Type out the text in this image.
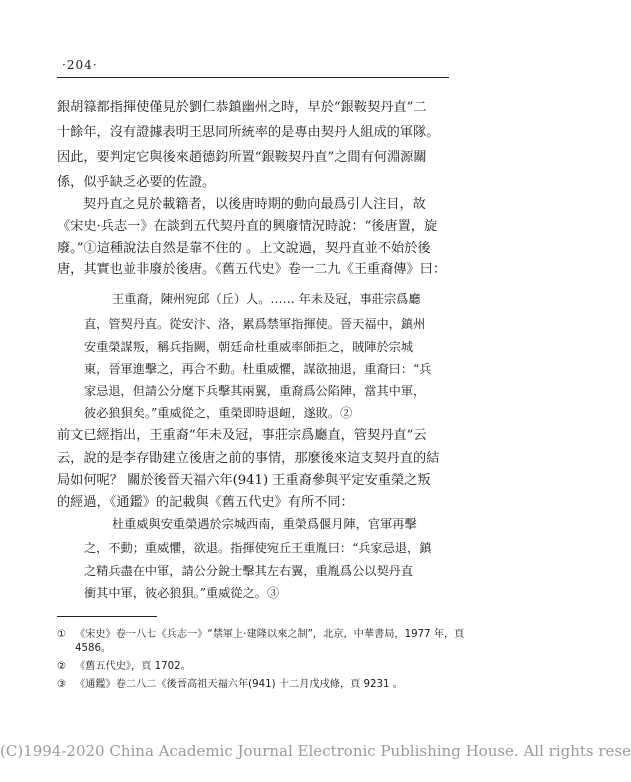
·204·
銀胡簶都指揮使僅見於劉仁恭鎮幽州之時，早於“銀鞍契丹直”二
十餘年，沒有證據表明王思同所統率的是專由契丹人組成的軍隊。
因此，要判定它與後來趙德鈞所置“銀鞍契丹直”之間有何淵源關
係，似乎缺乏必要的佐證。
契丹直之見於載籍者，以後唐時期的動向最爲引人注目，故
《宋史·兵志一》在談到五代契丹直的興廢情況時說：“後唐置，旋
廢。”①這種說法自然是靠不住的 。上文說過，契丹直並不始於後
唐，其實也並非廢於後唐。《舊五代史》卷一二九《王重裔傳》曰：
王重裔，陳州宛邱（丘）人。…… 年未及冠，事莊宗爲廳
直，管契丹直。從安汴、洛，累爲禁軍指揮使。晉天福中，鎮州
安重榮謀叛，稱兵指闕，朝廷命杜重威率師拒之，賊陣於宗城
東，晉軍進擊之，再合不動。杜重威懼，謀欲抽退，重裔曰：“兵
家忌退，但請公分麾下兵擊其兩翼，重裔爲公陷陣，當其中軍，
彼必狼狽矣。”重威從之，重榮即時退衄，遂敗。②
前文已經指出，王重裔“年未及冠，事莊宗爲廳直，管契丹直”云
云，說的是李存勖建立後唐之前的事情，那麼後來這支契丹直的結
局如何呢？ 關於後晉天福六年(941) 王重裔參與平定安重榮之叛
的經過，《通鑑》的記載與《舊五代史》有所不同：
杜重威與安重榮遇於宗城西南，重榮爲偃月陣，官軍再擊
之，不動；重威懼，欲退。指揮使宛丘王重胤曰：“兵家忌退，鎮
之精兵盡在中軍，請公分銳士擊其左右翼，重胤爲公以契丹直
衝其中軍，彼必狼狽。”重威從之。③
① 《宋史》卷一八七《兵志一》“禁軍上·建隆以來之制”，北京，中華書局，1977 年，頁
4586。
② 《舊五代史》，頁 1702。
③ 《通鑑》卷二八二《後晉高祖天福六年(941) 十二月戊戌條，頁 9231 。
(C)1994-2020 China Academic Journal Electronic Publishing House. All rights rese
